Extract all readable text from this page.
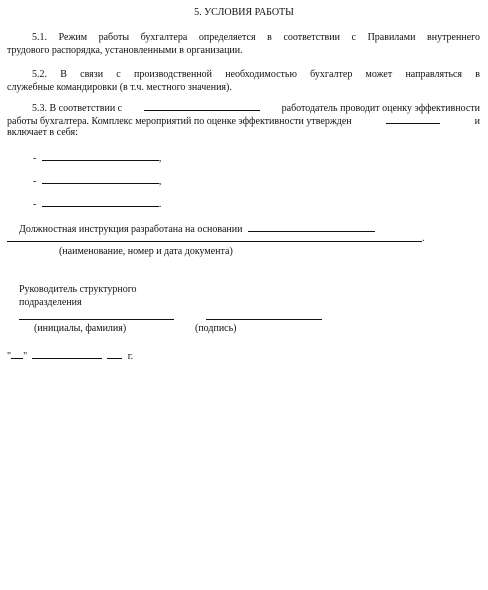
5. УСЛОВИЯ РАБОТЫ
5.1. Режим работы бухгалтера определяется в соответствии с Правилами внутреннего
трудового распорядка, установленными в организации.
5.2. В связи с производственной необходимостью бухгалтер может направляться в
служебные командировки (в т.ч. местного значения).
5.3. В соответствии с	работодатель проводит оценку эффективности
работы бухгалтера. Комплекс мероприятий по оценке эффективности утвержден	и
включает в себя:
-	,
-	,
-	.
Должностная инструкция разработана на основании
.
(наименование, номер и дата документа)
Руководитель структурного
подразделения
(инициалы, фамилия)	(подпись)
" "	г.
